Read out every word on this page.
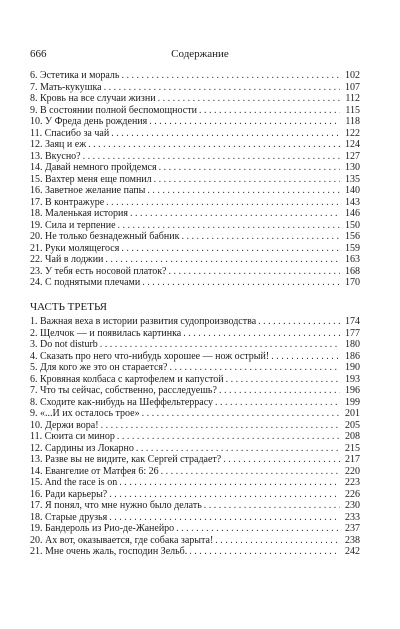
666	Содержание
6. Эстетика и мораль . . .	102
7. Мать-кукушка . . .	107
8. Кровь на все случаи жизни . . .	112
9. В состоянии полной беспомощности . . .	115
10. У Фреда день рождения . . .	118
11. Спасибо за чай . . .	122
12. Заяц и еж . . .	124
13. Вкусно? . . .	127
14. Давай немного пройдемся . . .	130
15. Вахтер меня еще помнил . . .	135
16. Заветное желание папы . . .	140
17. В контражуре . . .	143
18. Маленькая история . . .	146
19. Сила и терпение . . .	150
20. Не только безнадежный бабник . . .	156
21. Руки молящегося . . .	159
22. Чай в лоджии . . .	163
23. У тебя есть носовой платок? . . .	168
24. С поднятыми плечами . . .	170
ЧАСТЬ ТРЕТЬЯ
1. Важная веха в истории развития судопроизводства . . .	174
2. Щелчок — и появилась картинка . . .	177
3. Do not disturb . . .	180
4. Сказать про него что-нибудь хорошее — нож острый! . . .	186
5. Для кого же это он старается? . . .	190
6. Кровяная колбаса с картофелем и капустой . . .	193
7. Что ты сейчас, собственно, расследуешь? . . .	196
8. Сходите как-нибудь на Шеффельтеррасу . . .	199
9. «...И их осталось трое» . . .	201
10. Держи вора! . . .	205
11. Сюита си минор . . .	208
12. Сардины из Локарно . . .	215
13. Разве вы не видите, как Сергей страдает? . . .	217
14. Евангелие от Матфея 6: 26 . . .	220
15. And the race is on . . .	223
16. Ради карьеры? . . .	226
17. Я понял, что мне нужно было делать . . .	230
18. Старые друзья . . .	233
19. Бандероль из Рио-де-Жанейро . . .	237
20. Ах вот, оказывается, где собака зарыта! . . .	238
21. Мне очень жаль, господин Зельб. . . .	242
